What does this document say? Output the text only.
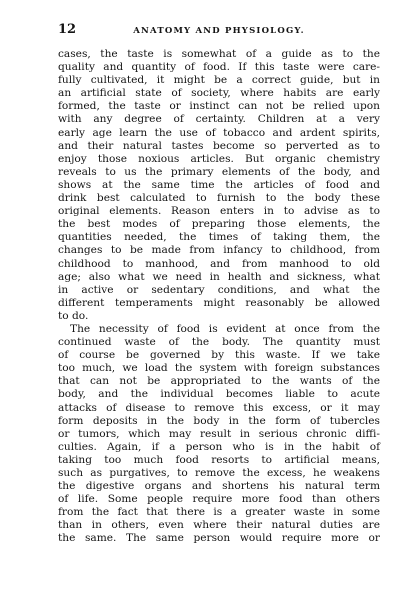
12	ANATOMY AND PHYSIOLOGY.

cases, the taste is somewhat of a guide as to the
quality and quantity of food. If this taste were care-
fully cultivated, it might be a correct guide, but in
an artificial state of society, where habits are early
formed, the taste or instinct can not be relied upon
with any degree of certainty. Children at a very
early age learn the use of tobacco and ardent spirits,
and their natural tastes become so perverted as to
enjoy those noxious articles. But organic chemistry
reveals to us the primary elements of the body, and
shows at the same time the articles of food and
drink best calculated to furnish to the body these
original elements. Reason enters in to advise as to
the best modes of preparing those elements, the
quantities needed, the times of taking them, the
changes to be made from infancy to childhood, from
childhood to manhood, and from manhood to old
age; also what we need in health and sickness, what
in active or sedentary conditions, and what the
different temperaments might reasonably be allowed
to do.

The necessity of food is evident at once from the
continued waste of the body. The quantity must
of course be governed by this waste. If we take
too much, we load the system with foreign substances
that can not be appropriated to the wants of the
body, and the individual becomes liable to acute
attacks of disease to remove this excess, or it may
form deposits in the body in the form of tubercles
or tumors, which may result in serious chronic diffi-
culties. Again, if a person who is in the habit of
taking too much food resorts to artificial means,
such as purgatives, to remove the excess, he weakens
the digestive organs and shortens his natural term
of life. Some people require more food than others
from the fact that there is a greater waste in some
than in others, even where their natural duties are
the same. The same person would require more or
